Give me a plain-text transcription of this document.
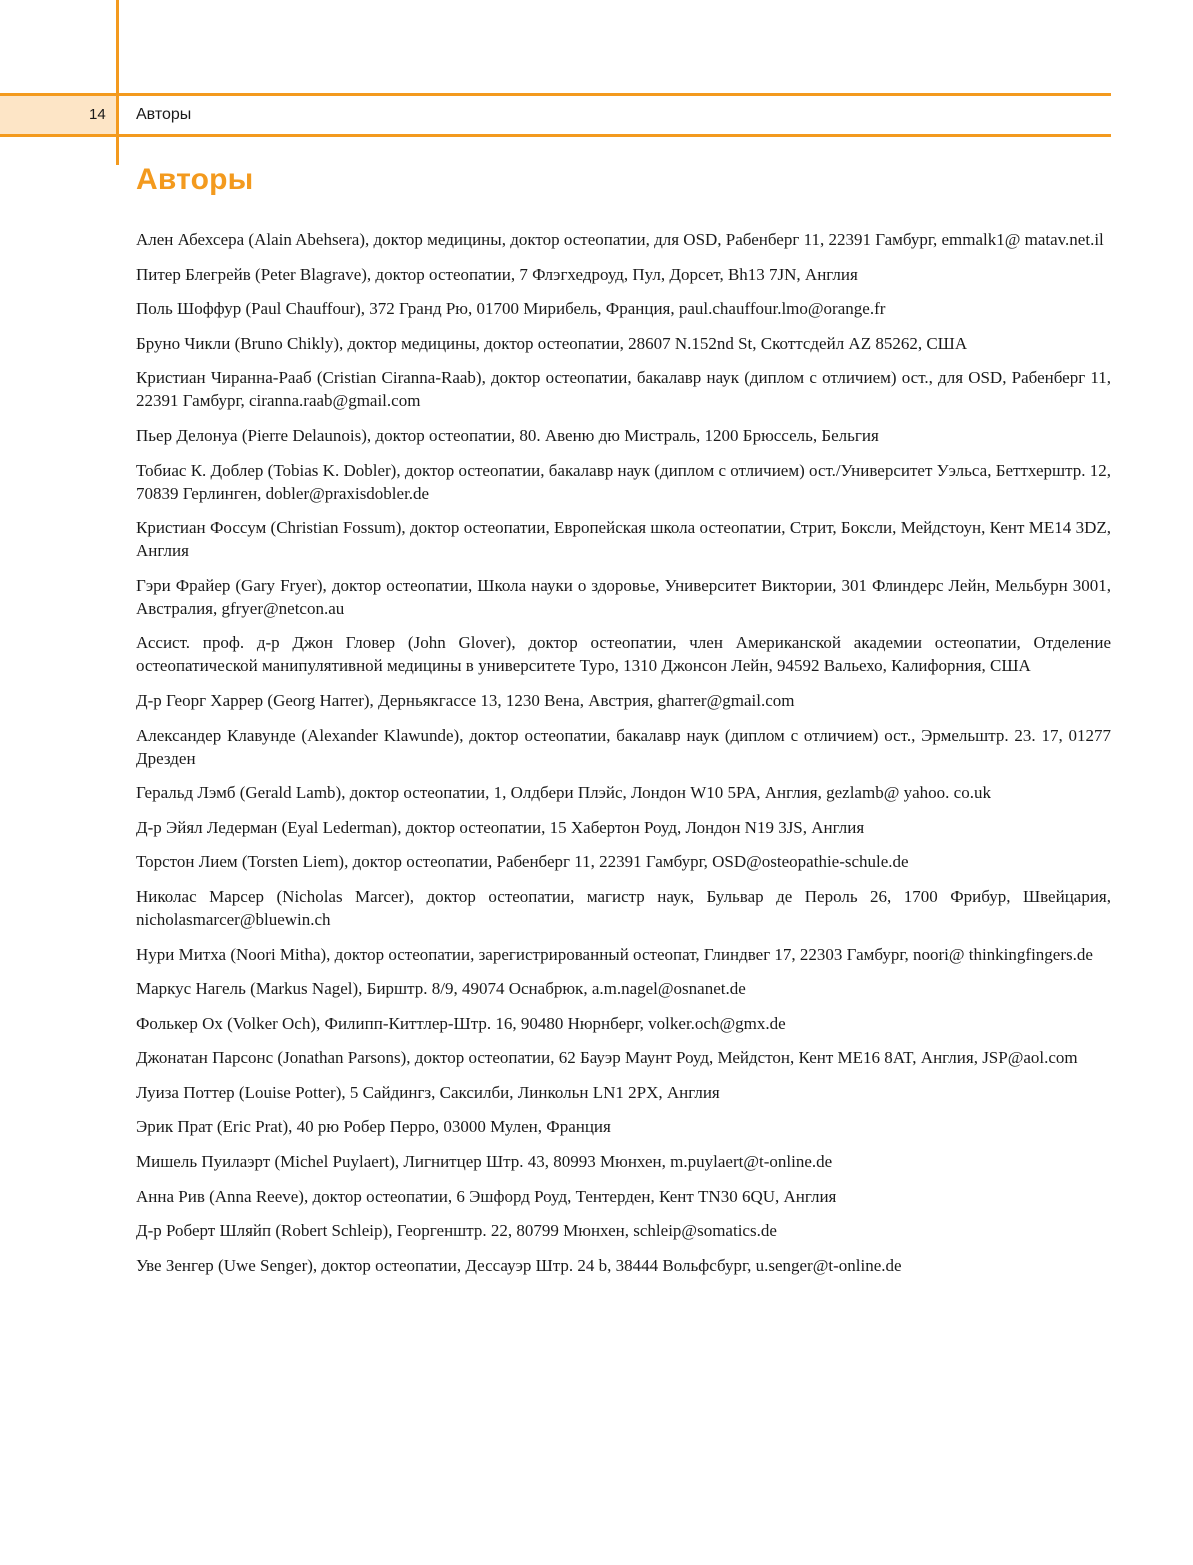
14 Авторы
Авторы
Ален Абехсера (Alain Abehsera), доктор медицины, доктор остеопатии, для OSD, Рабенберг 11, 22391 Гамбург, emmalk1@ matav.net.il
Питер Блегрейв (Peter Blagrave), доктор остеопатии, 7 Флэгхедроуд, Пул, Дорсет, Bh13 7JN, Англия
Поль Шоффур (Paul Chauffour), 372 Гранд Рю, 01700 Мирибель, Франция, paul.chauffour.lmo@orange.fr
Бруно Чикли (Bruno Chikly), доктор медицины, доктор остеопатии, 28607 N.152nd St, Скоттсдейл AZ 85262, США
Кристиан Чиранна-Рааб (Cristian Ciranna-Raab), доктор остеопатии, бакалавр наук (диплом с отличием) ост., для OSD, Рабенберг 11, 22391 Гамбург, ciranna.raab@gmail.com
Пьер Делонуа (Pierre Delaunois), доктор остеопатии, 80. Авеню дю Мистраль, 1200 Брюссель, Бельгия
Тобиас К. Доблер (Tobias K. Dobler), доктор остеопатии, бакалавр наук (диплом с отличием) ост./Университет Уэльса, Беттхерштр. 12, 70839 Герлинген, dobler@praxisdobler.de
Кристиан Фоссум (Christian Fossum), доктор остеопатии, Европейская школа остеопатии, Стрит, Боксли, Мейдстоун, Кент ME14 3DZ, Англия
Гэри Фрайер (Gary Fryer), доктор остеопатии, Школа науки о здоровье, Университет Виктории, 301 Флиндерс Лейн, Мельбурн 3001, Австралия, gfryer@netcon.au
Ассист. проф. д-р Джон Гловер (John Glover), доктор остеопатии, член Американской академии остеопатии, Отделение остеопатической манипулятивной медицины в университете Туро, 1310 Джонсон Лейн, 94592 Вальехо, Калифорния, США
Д-р Георг Харрер (Georg Harrer), Дерньякгассе 13, 1230 Вена, Австрия, gharrer@gmail.com
Александер Клавунде (Alexander Klawunde), доктор остеопатии, бакалавр наук (диплом с отличием) ост., Эрмельштр. 23. 17, 01277 Дрезден
Геральд Лэмб (Gerald Lamb), доктор остеопатии, 1, Олдбери Плэйс, Лондон W10 5PA, Англия, gezlamb@ yahoo. co.uk
Д-р Эйял Ледерман (Eyal Lederman), доктор остеопатии, 15 Хабертон Роуд, Лондон N19 3JS, Англия
Торстон Лием (Torsten Liem), доктор остеопатии, Рабенберг 11, 22391 Гамбург, OSD@osteopathie-schule.de
Николас Марсер (Nicholas Marcer), доктор остеопатии, магистр наук, Бульвар де Пероль 26, 1700 Фрибур, Швейцария, nicholasmarcer@bluewin.ch
Нури Митха (Noori Mitha), доктор остеопатии, зарегистрированный остеопат, Глиндвег 17, 22303 Гамбург, noori@ thinkingfingers.de
Маркус Нагель (Markus Nagel), Бирштр. 8/9, 49074 Оснабрюк, a.m.nagel@osnanet.de
Фолькер Ох (Volker Och), Филипп-Киттлер-Штр. 16, 90480 Нюрнберг, volker.och@gmx.de
Джонатан Парсонс (Jonathan Parsons), доктор остеопатии, 62 Бауэр Маунт Роуд, Мейдстон, Кент ME16 8AT, Англия, JSP@aol.com
Луиза Поттер (Louise Potter), 5 Сайдингз, Саксилби, Линкольн LN1 2PX, Англия
Эрик Прат (Eric Prat), 40 рю Робер Перро, 03000 Мулен, Франция
Мишель Пуилаэрт (Michel Puylaert), Лигнитцер Штр. 43, 80993 Мюнхен, m.puylaert@t-online.de
Анна Рив (Anna Reeve), доктор остеопатии, 6 Эшфорд Роуд, Тентерден, Кент TN30 6QU, Англия
Д-р Роберт Шляйп (Robert Schleip), Георгенштр. 22, 80799 Мюнхен, schleip@somatics.de
Уве Зенгер (Uwe Senger), доктор остеопатии, Дессауэр Штр. 24 b, 38444 Вольфсбург, u.senger@t-online.de
